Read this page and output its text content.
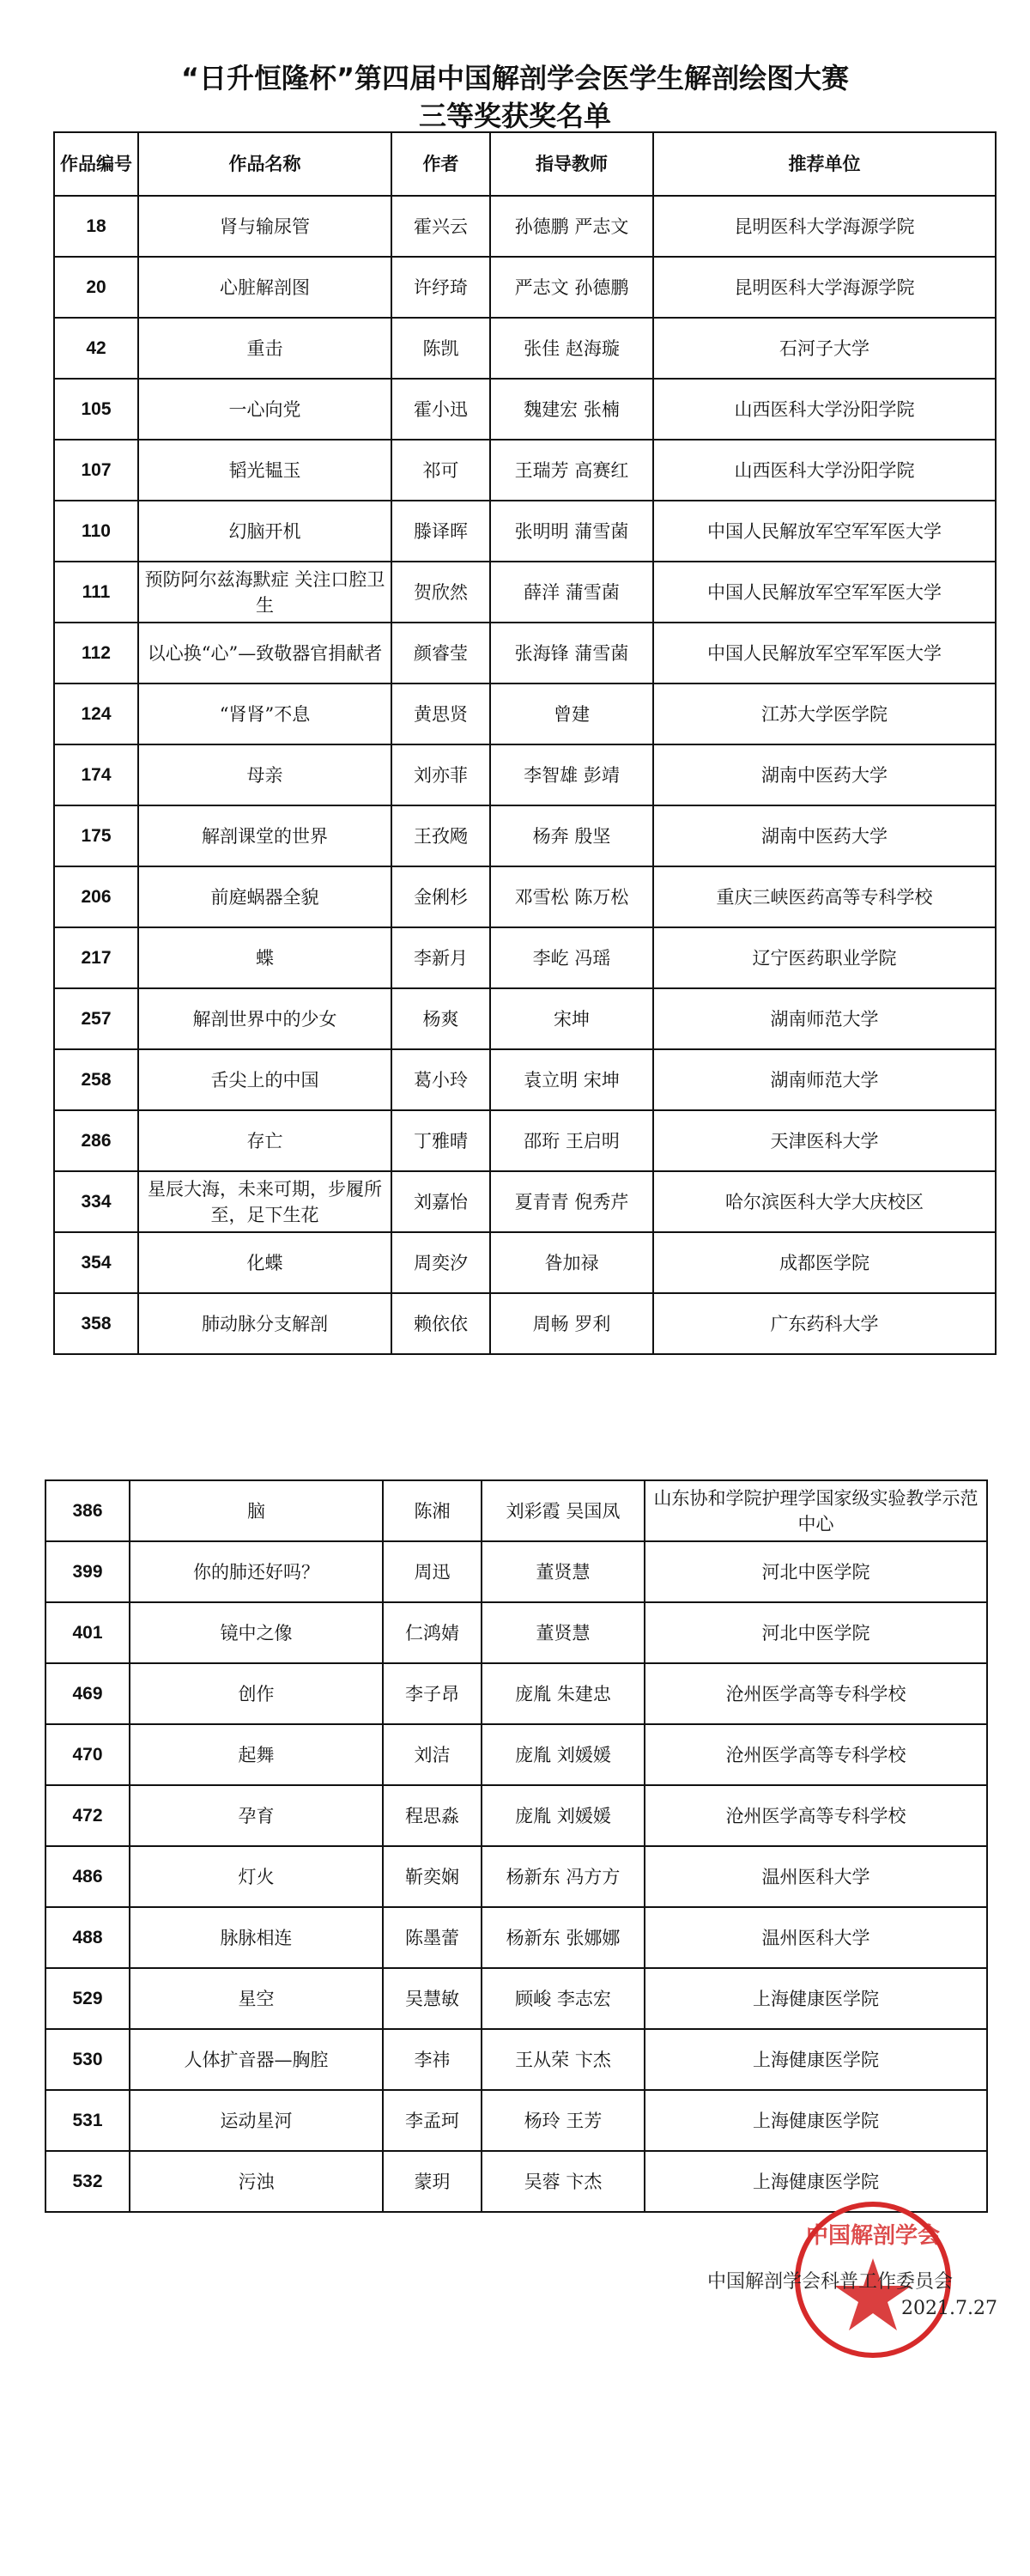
“日升恒隆杯”第四届中国解剖学会医学生解剖绘图大赛
三等奖获奖名单
作品编号	作品名称	作者	指导教师	推荐单位
18	肾与输尿管	霍兴云	孙德鹏 严志文	昆明医科大学海源学院
20	心脏解剖图	许纾琦	严志文 孙德鹏	昆明医科大学海源学院
42	重击	陈凯	张佳 赵海璇	石河子大学
105	一心向党	霍小迅	魏建宏 张楠	山西医科大学汾阳学院
107	韬光韫玉	祁可	王瑞芳 高赛红	山西医科大学汾阳学院
110	幻脑开机	滕译晖	张明明 蒲雪菌	中国人民解放军空军军医大学
111	预防阿尔兹海默症 关注口腔卫生	贺欣然	薛洋 蒲雪菌	中国人民解放军空军军医大学
112	以心换“心”—致敬器官捐献者	颜睿莹	张海锋 蒲雪菌	中国人民解放军空军军医大学
124	“肾肾”不息	黄思贤	曾建	江苏大学医学院
174	母亲	刘亦菲	李智雄 彭靖	湖南中医药大学
175	解剖课堂的世界	王孜飏	杨奔 殷坚	湖南中医药大学
206	前庭蜗器全貌	金俐杉	邓雪松 陈万松	重庆三峡医药高等专科学校
217	蝶	李新月	李屹 冯瑶	辽宁医药职业学院
257	解剖世界中的少女	杨爽	宋坤	湖南师范大学
258	舌尖上的中国	葛小玲	袁立明 宋坤	湖南师范大学
286	存亡	丁雅晴	邵珩 王启明	天津医科大学
334	星辰大海，未来可期，步履所至，足下生花	刘嘉怡	夏青青 倪秀芹	哈尔滨医科大学大庆校区
354	化蝶	周奕汐	昝加禄	成都医学院
358	肺动脉分支解剖	赖依依	周畅 罗利	广东药科大学
386	脑	陈湘	刘彩霞 吴国凤	山东协和学院护理学国家级实验教学示范中心
399	你的肺还好吗？	周迅	董贤慧	河北中医学院
401	镜中之像	仁鸿婧	董贤慧	河北中医学院
469	创作	李子昂	庞胤 朱建忠	沧州医学高等专科学校
470	起舞	刘洁	庞胤 刘媛媛	沧州医学高等专科学校
472	孕育	程思淼	庞胤 刘媛媛	沧州医学高等专科学校
486	灯火	靳奕娴	杨新东 冯方方	温州医科大学
488	脉脉相连	陈墨蕾	杨新东 张娜娜	温州医科大学
529	星空	吴慧敏	顾峻 李志宏	上海健康医学院
530	人体扩音器—胸腔	李祎	王从荣 卞杰	上海健康医学院
531	运动星河	李孟珂	杨玲 王芳	上海健康医学院
532	污浊	蒙玥	吴蓉 卞杰	上海健康医学院
中国解剖学会
中国解剖学会科普工作委员会
2021.7.27
